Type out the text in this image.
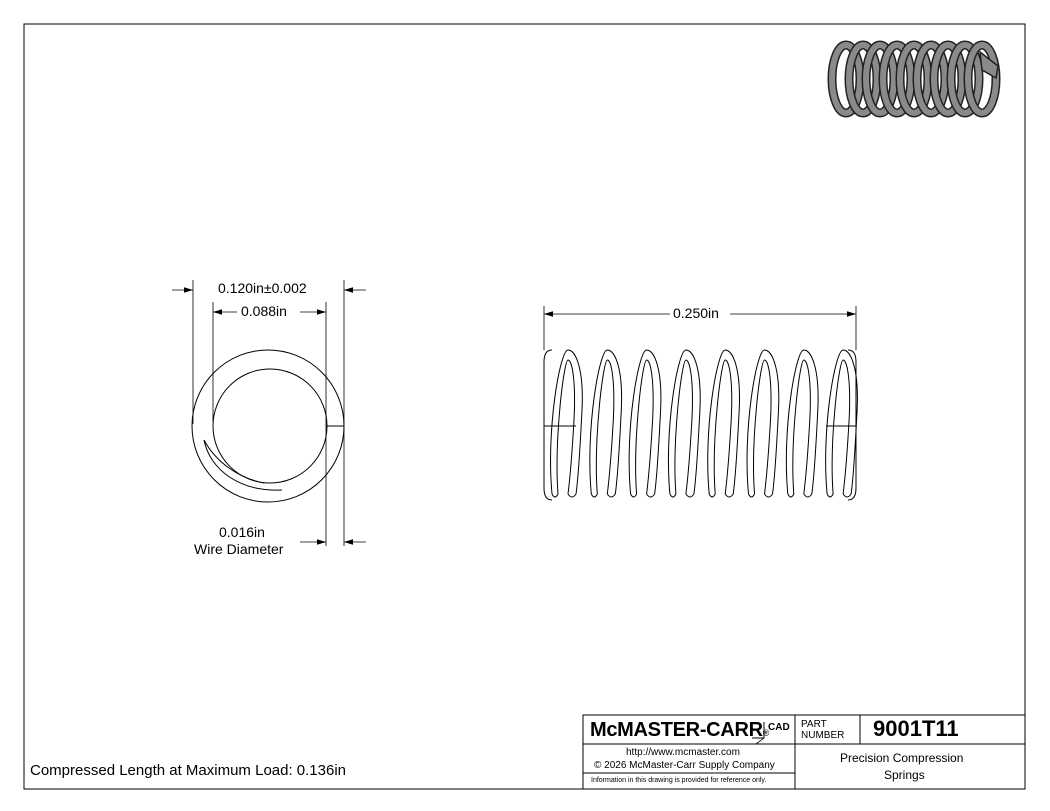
0.120in±0.002
0.088in
0.016in
Wire Diameter
0.250in
Compressed Length at Maximum Load: 0.136in
McMASTER-CARR®
CAD PART
NUMBER 9001T11
http://www.mcmaster.com
© 2026 McMaster-Carr Supply Company
Information in this drawing is provided for reference only.
Precision Compression
Springs
